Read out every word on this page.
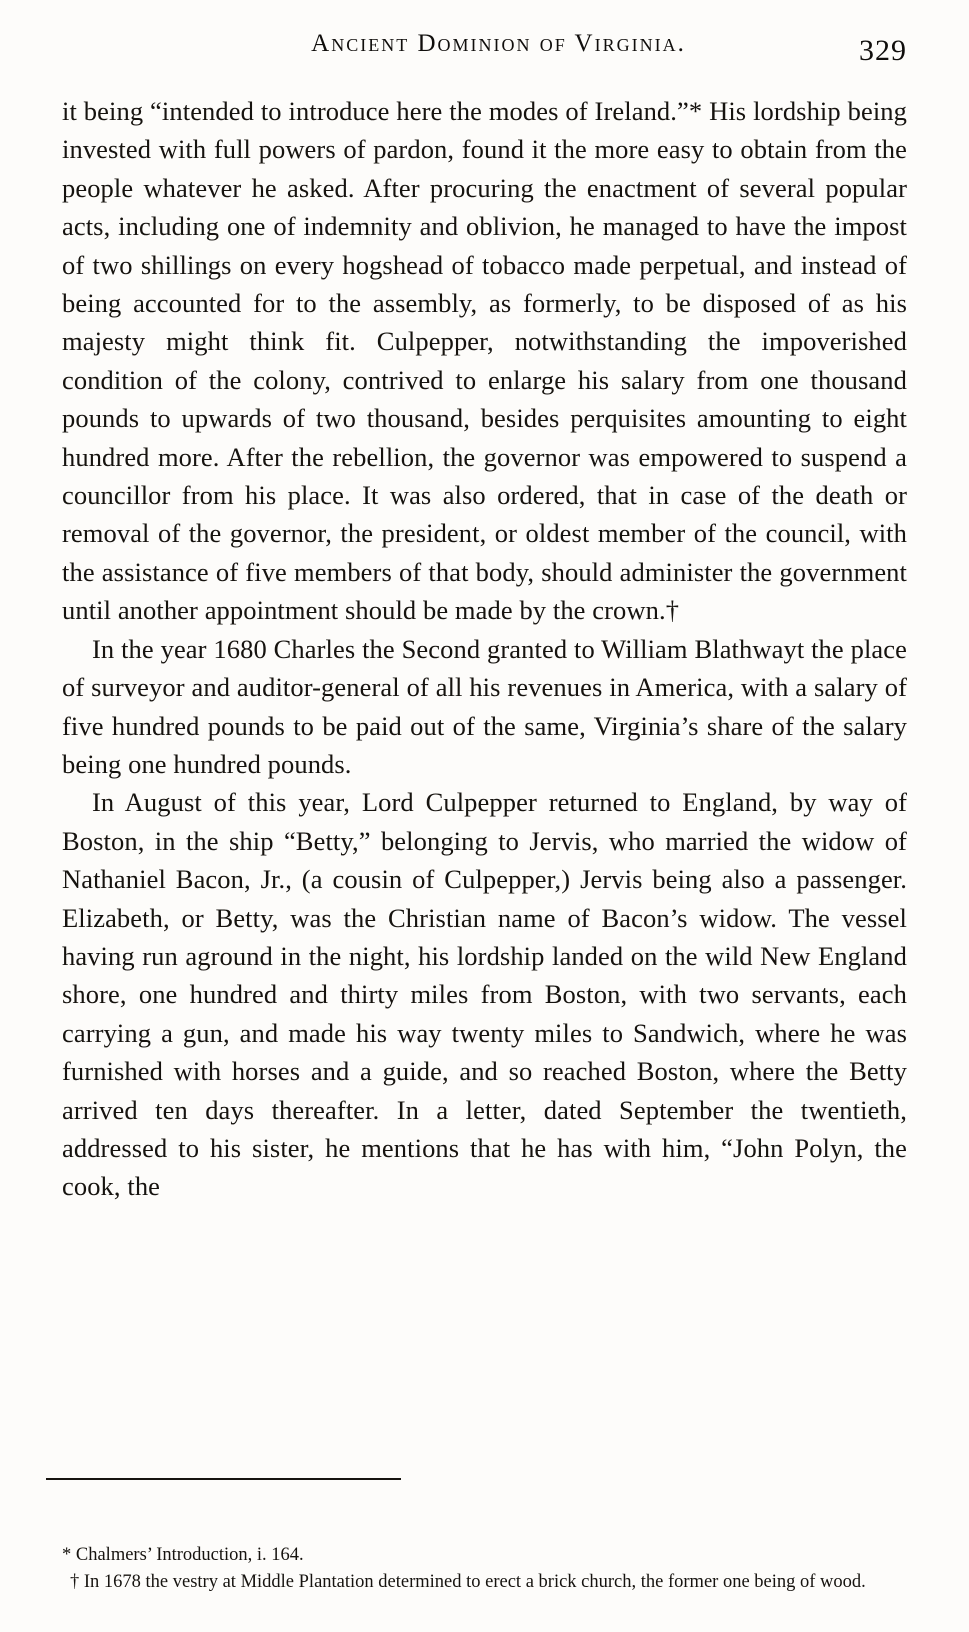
Ancient Dominion of Virginia.	329

it being “intended to introduce here the modes of Ireland.”* His lordship being invested with full powers of pardon, found it the more easy to obtain from the people whatever he asked. After procuring the enactment of several popular acts, including one of indemnity and oblivion, he managed to have the impost of two shillings on every hogshead of tobacco made perpetual, and instead of being accounted for to the assembly, as formerly, to be disposed of as his majesty might think fit. Culpepper, notwithstanding the impoverished condition of the colony, contrived to enlarge his salary from one thousand pounds to upwards of two thousand, besides perquisites amounting to eight hundred more. After the rebellion, the governor was empowered to suspend a councillor from his place. It was also ordered, that in case of the death or removal of the governor, the president, or oldest member of the council, with the assistance of five members of that body, should administer the government until another appointment should be made by the crown.†

In the year 1680 Charles the Second granted to William Blathwayt the place of surveyor and auditor-general of all his revenues in America, with a salary of five hundred pounds to be paid out of the same, Virginia’s share of the salary being one hundred pounds.

In August of this year, Lord Culpepper returned to England, by way of Boston, in the ship “Betty,” belonging to Jervis, who married the widow of Nathaniel Bacon, Jr., (a cousin of Culpepper,) Jervis being also a passenger. Elizabeth, or Betty, was the Christian name of Bacon’s widow. The vessel having run aground in the night, his lordship landed on the wild New England shore, one hundred and thirty miles from Boston, with two servants, each carrying a gun, and made his way twenty miles to Sandwich, where he was furnished with horses and a guide, and so reached Boston, where the Betty arrived ten days thereafter. In a letter, dated September the twentieth, addressed to his sister, he mentions that he has with him, “John Polyn, the cook, the

* Chalmers’ Introduction, i. 164.

† In 1678 the vestry at Middle Plantation determined to erect a brick church, the former one being of wood.
